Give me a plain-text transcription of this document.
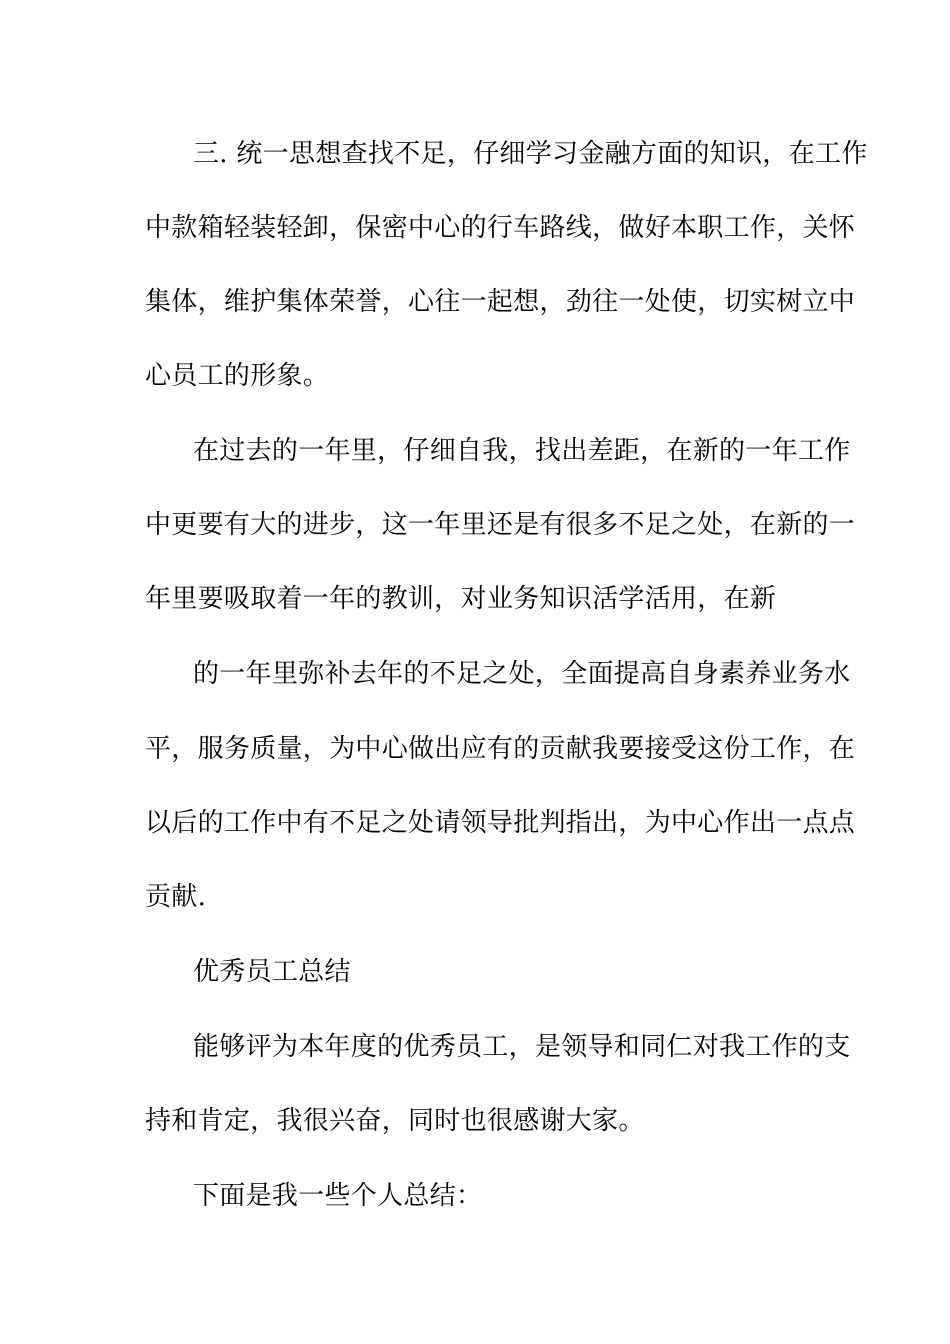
三. 统一思想查找不足，仔细学习金融方面的知识，在工作
中款箱轻装轻卸，保密中心的行车路线，做好本职工作，关怀
集体，维护集体荣誉，心往一起想，劲往一处使，切实树立中
心员工的形象。
在过去的一年里，仔细自我，找出差距，在新的一年工作
中更要有大的进步，这一年里还是有很多不足之处，在新的一
年里要吸取着一年的教训，对业务知识活学活用，在新
的一年里弥补去年的不足之处，全面提高自身素养业务水
平，服务质量，为中心做出应有的贡献我要接受这份工作，在
以后的工作中有不足之处请领导批判指出，为中心作出一点点
贡献.
优秀员工总结
能够评为本年度的优秀员工，是领导和同仁对我工作的支
持和肯定，我很兴奋，同时也很感谢大家。
下面是我一些个人总结：
